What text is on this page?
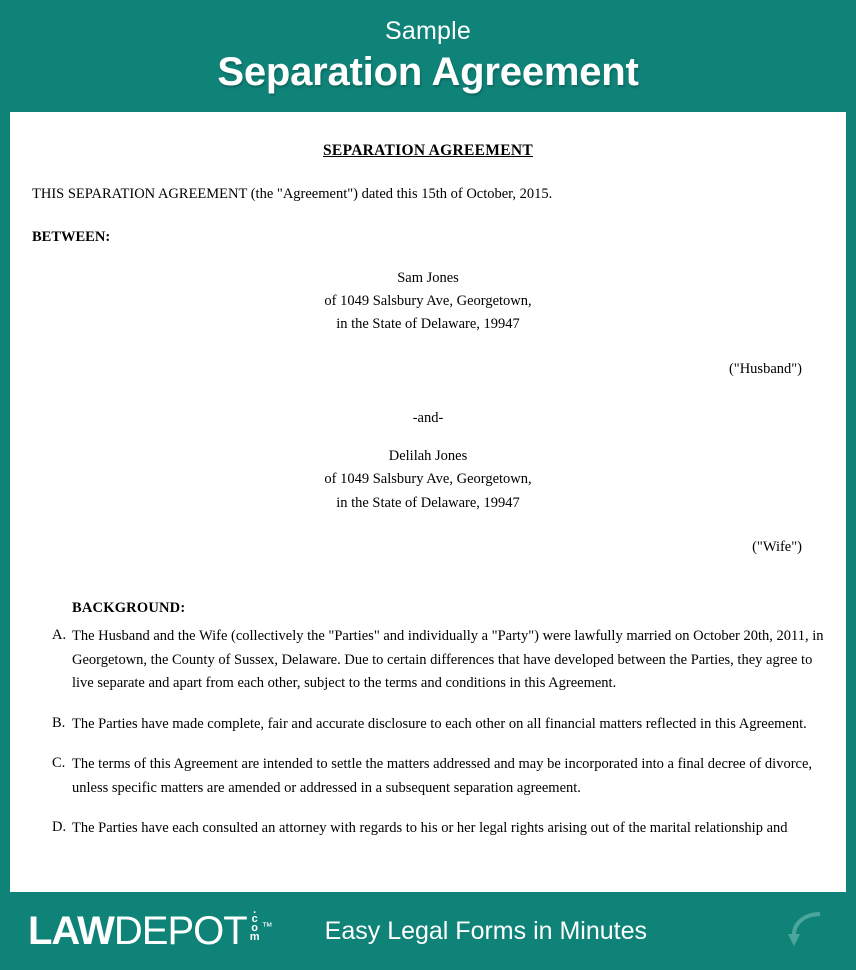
Sample
Separation Agreement
SEPARATION AGREEMENT
THIS SEPARATION AGREEMENT (the "Agreement") dated this 15th of October, 2015.
BETWEEN:
Sam Jones
of 1049 Salsbury Ave, Georgetown,
in the State of Delaware, 19947
("Husband")
-and-
Delilah Jones
of 1049 Salsbury Ave, Georgetown,
in the State of Delaware, 19947
("Wife")
BACKGROUND:
A. The Husband and the Wife (collectively the "Parties" and individually a "Party") were lawfully married on October 20th, 2011, in Georgetown, the County of Sussex, Delaware. Due to certain differences that have developed between the Parties, they agree to live separate and apart from each other, subject to the terms and conditions in this Agreement.

B. The Parties have made complete, fair and accurate disclosure to each other on all financial matters reflected in this Agreement.

C. The terms of this Agreement are intended to settle the matters addressed and may be incorporated into a final decree of divorce, unless specific matters are amended or addressed in a subsequent separation agreement.

D. The Parties have each consulted an attorney with regards to his or her legal rights arising out of the marital relationship and

LAW DEPOT .com ™ Easy Legal Forms in Minutes
